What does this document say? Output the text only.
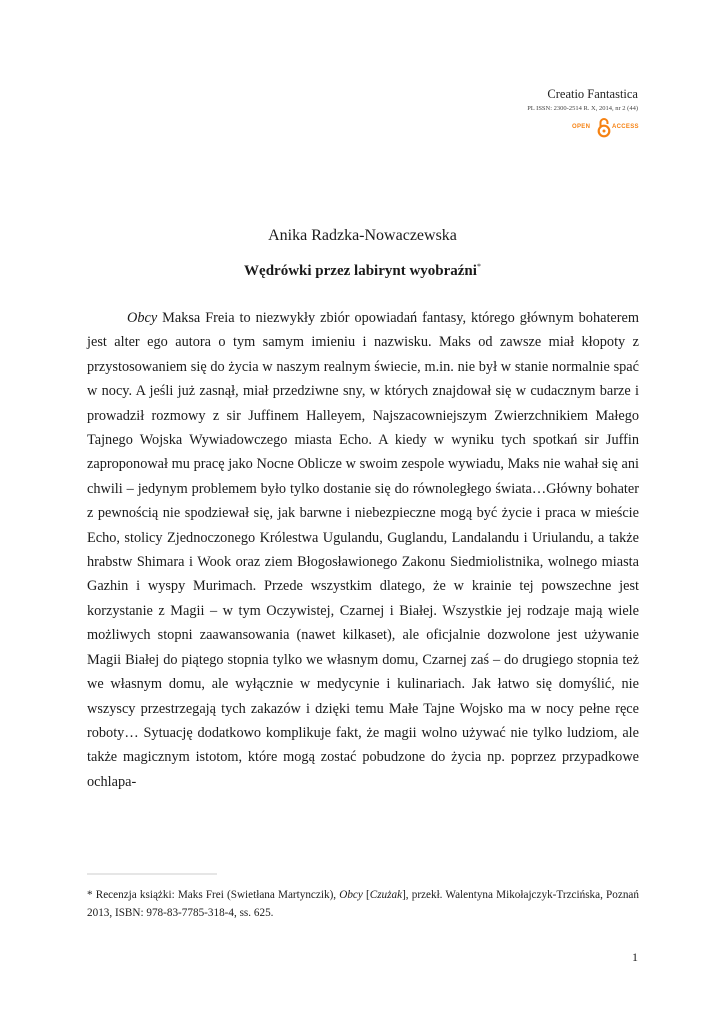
Creatio Fantastica
PL ISSN: 2300-2514 R. X, 2014, nr 2 (44)
OPEN	ACCESS
Anika Radzka-Nowaczewska
Wędrówki przez labirynt wyobraźni*

Obcy Maksa Freia to niezwykły zbiór opowiadań fantasy, którego głównym bohaterem jest alter ego autora o tym samym imieniu i nazwisku. Maks od zawsze miał kłopoty z przystosowaniem się do życia w naszym realnym świecie, m.in. nie był w stanie normalnie spać w nocy. A jeśli już zasnął, miał przedziwne sny, w których znajdował się w cudacznym barze i prowadził rozmowy z sir Juffinem Halleyem, Najszacowniejszym Zwierzchnikiem Małego Tajnego Wojska Wywiadowczego miasta Echo. A kiedy w wyniku tych spotkań sir Juffin zaproponował mu pracę jako Nocne Oblicze w swoim zespole wywiadu, Maks nie wahał się ani chwili – jedynym problemem było tylko dostanie się do równoległego świata…Główny bohater z pewnością nie spodziewał się, jak barwne i niebezpieczne mogą być życie i praca w mieście Echo, stolicy Zjednoczonego Królestwa Ugulandu, Guglandu, Landalandu i Uriulandu, a także hrabstw Shimara i Wook oraz ziem Błogosławionego Zakonu Siedmiolistnika, wolnego miasta Gazhin i wyspy Murimach. Przede wszystkim dlatego, że w krainie tej powszechne jest korzystanie z Magii – w tym Oczywistej, Czarnej i Białej. Wszystkie jej rodzaje mają wiele możliwych stopni zaawansowania (nawet kilkaset), ale oficjalnie dozwolone jest używanie Magii Białej do piątego stopnia tylko we własnym domu, Czarnej zaś – do drugiego stopnia też we własnym domu, ale wyłącznie w medycynie i kulinariach. Jak łatwo się domyślić, nie wszyscy przestrzegają tych zakazów i dzięki temu Małe Tajne Wojsko ma w nocy pełne ręce roboty… Sytuację dodatkowo komplikuje fakt, że magii wolno używać nie tylko ludziom, ale także magicznym istotom, które mogą zostać pobudzone do życia np. poprzez przypadkowe ochlapa-

* Recenzja książki: Maks Frei (Swietłana Martynczik), Obcy [Czużak], przekł. Walentyna Mikołajczyk-Trzcińska, Poznań 2013, ISBN: 978-83-7785-318-4, ss. 625.
1
